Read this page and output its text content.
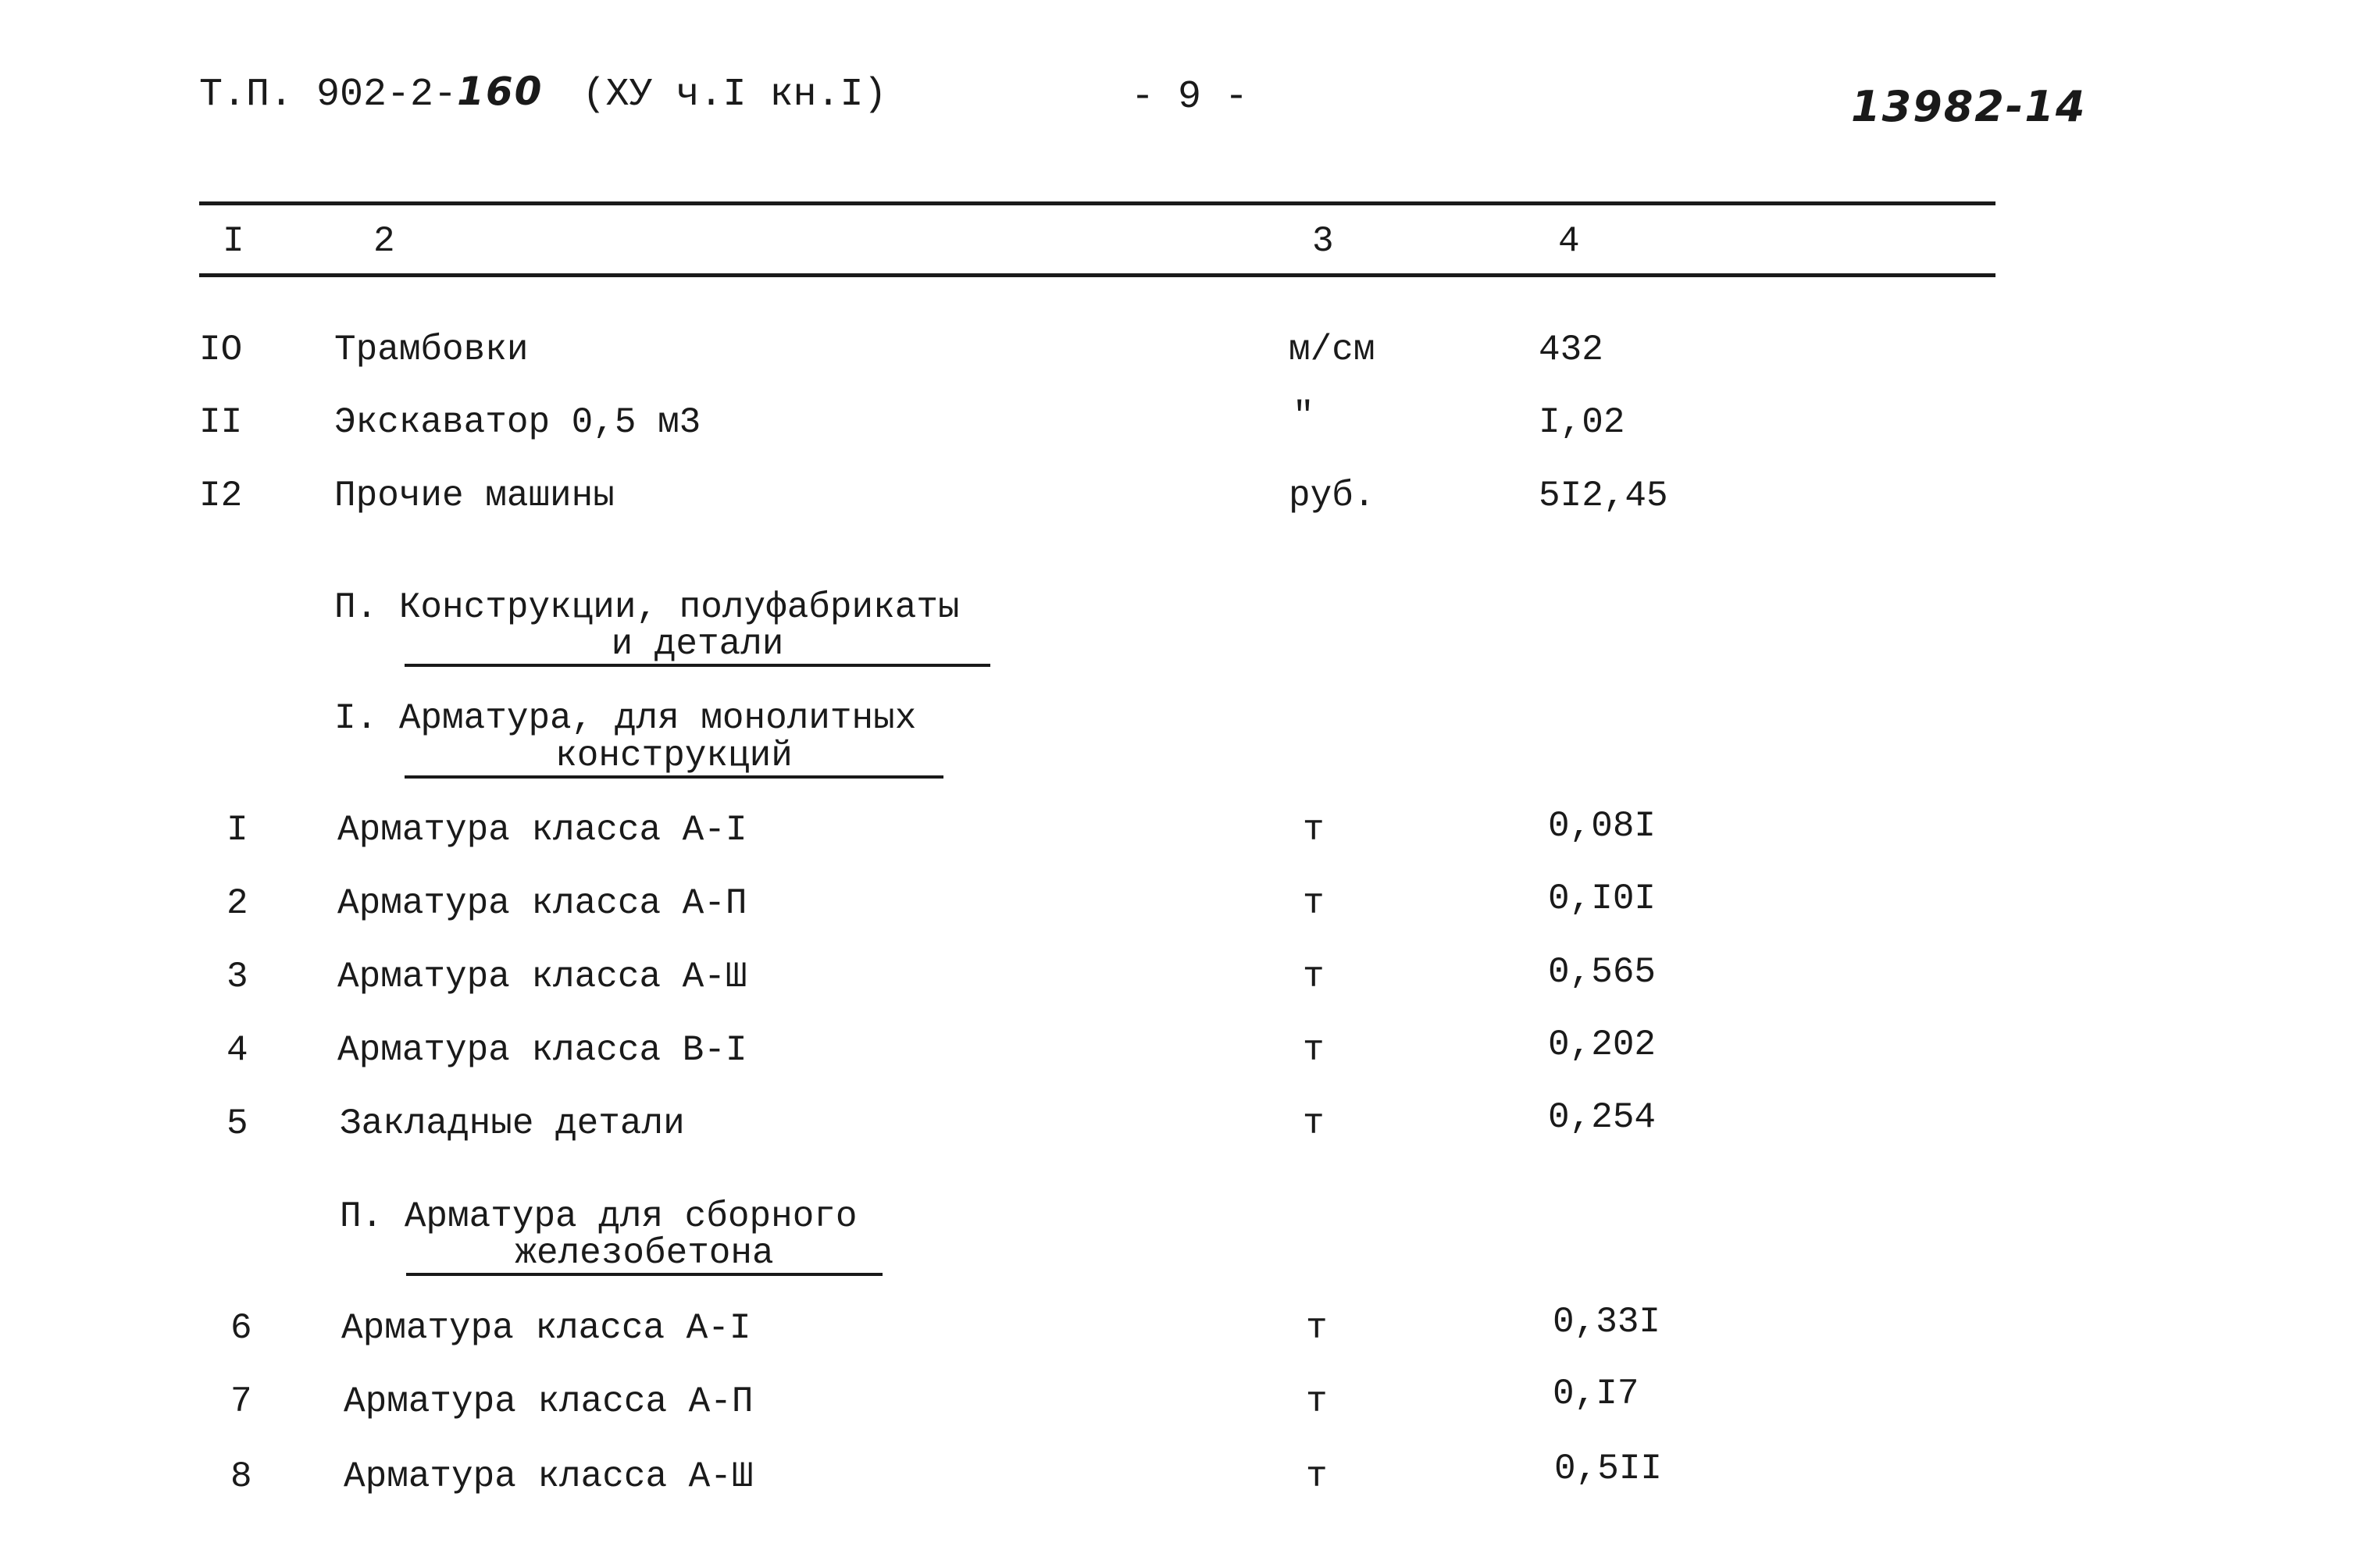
Т.П. 902-2-160 (ХУ ч.I кн.I)	- 9 -	13982-14
I	2	3	4
IO	Трамбовки	м/см	432
II	Экскаватор 0,5 м3	"	I,02
I2	Прочие машины	руб.	5I2,45
П. Конструкции, полуфабрикаты
и детали
I. Арматура, для монолитных
конструкций
I Арматура класса А-I	т	0,08I
2 Арматура класса А-П	т	0,I0I
3 Арматура класса А-Ш	т	0,565
4 Арматура класса В-I	т	0,202
5	Закладные детали	т	0,254
П. Арматура для сборного
железобетона
6 Арматура класса А-I	т	0,33I
7	Арматура класса А-П	т	0,I7
8	Арматура класса А-Ш	т	0,5II
